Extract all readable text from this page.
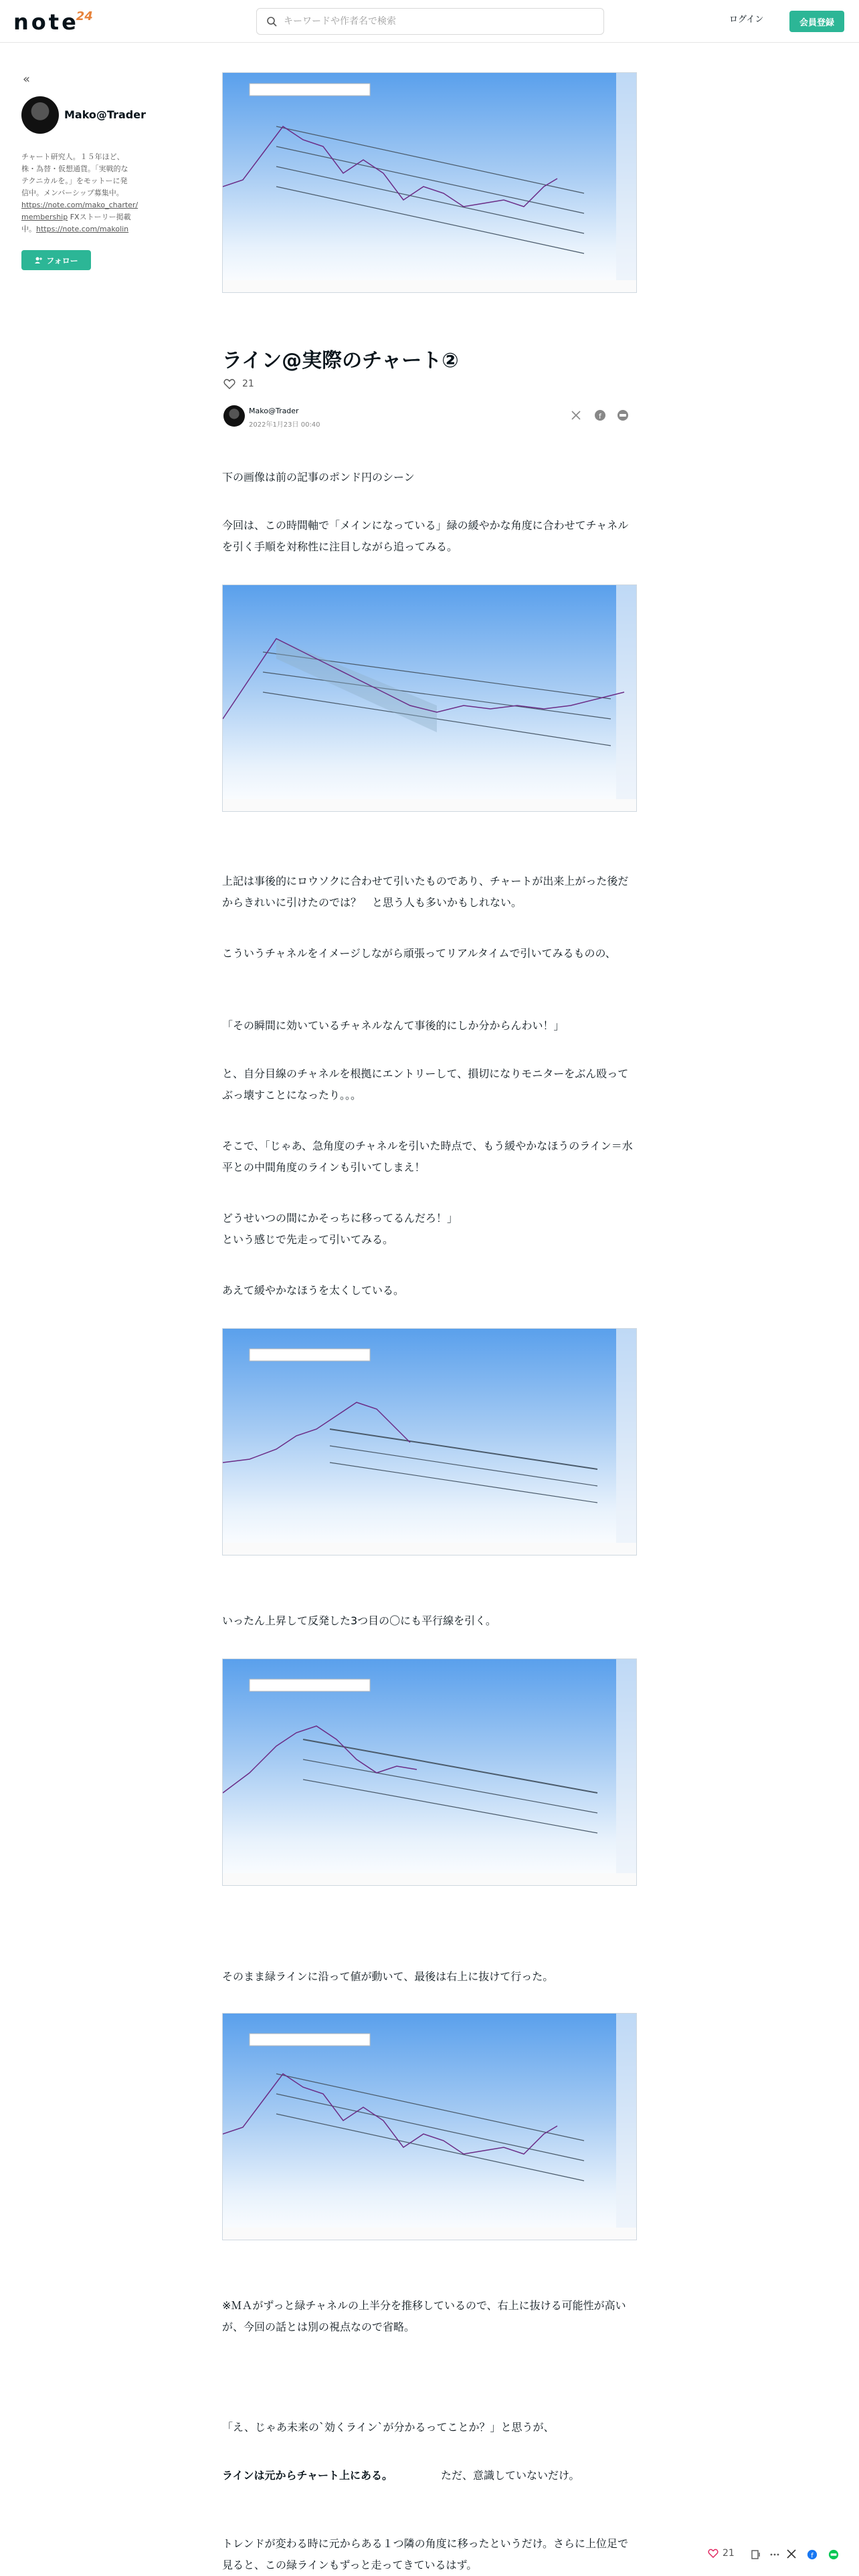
note24
キーワードや作者名で検索	ログイン	会員登録
«
Mako@Trader
チャート研究人。１５年ほど、
株・為替・仮想通貨。「実戦的な
テクニカルを。」をモットーに発
信中。メンバーシップ募集中。
https://note.com/mako_charter/
membership FXストーリー掲載
中。https://note.com/makolin
フォロー
ライン@実際のチャート②
21
Mako@Trader
2022年1月23日 00:40
f
下の画像は前の記事のポンド円のシーン
今回は、この時間軸で「メインになっている」緑の緩やかな角度に合わせてチャネルを引く手順を対称性に注目しながら追ってみる。
上記は事後的にロウソクに合わせて引いたものであり、チャートが出来上がった後だからきれいに引けたのでは？　と思う人も多いかもしれない。
こういうチャネルをイメージしながら頑張ってリアルタイムで引いてみるものの、
「その瞬間に効いているチャネルなんて事後的にしか分からんわい！」
と、自分目線のチャネルを根拠にエントリーして、損切になりモニターをぶん殴ってぶっ壊すことになったり。。。
そこで、「じゃあ、急角度のチャネルを引いた時点で、もう緩やかなほうのライン＝水平との中間角度のラインも引いてしまえ！
どうせいつの間にかそっちに移ってるんだろ！」
という感じで先走って引いてみる。
あえて緩やかなほうを太くしている。
いったん上昇して反発した3つ目の〇にも平行線を引く。
そのまま緑ラインに沿って値が動いて、最後は右上に抜けて行った。
※ＭＡがずっと緑チャネルの上半分を推移しているので、右上に抜ける可能性が高いが、今回の話とは別の視点なので省略。
「え、じゃあ未来の`効くライン`が分かるってことか？」と思うが、
ラインは元からチャート上にある。　　　　　ただ、意識していないだけ。
トレンドが変わる時に元からある１つ隣の角度に移ったというだけ。さらに上位足で見ると、この緑ラインもずっと走ってきているはず。
21	f
